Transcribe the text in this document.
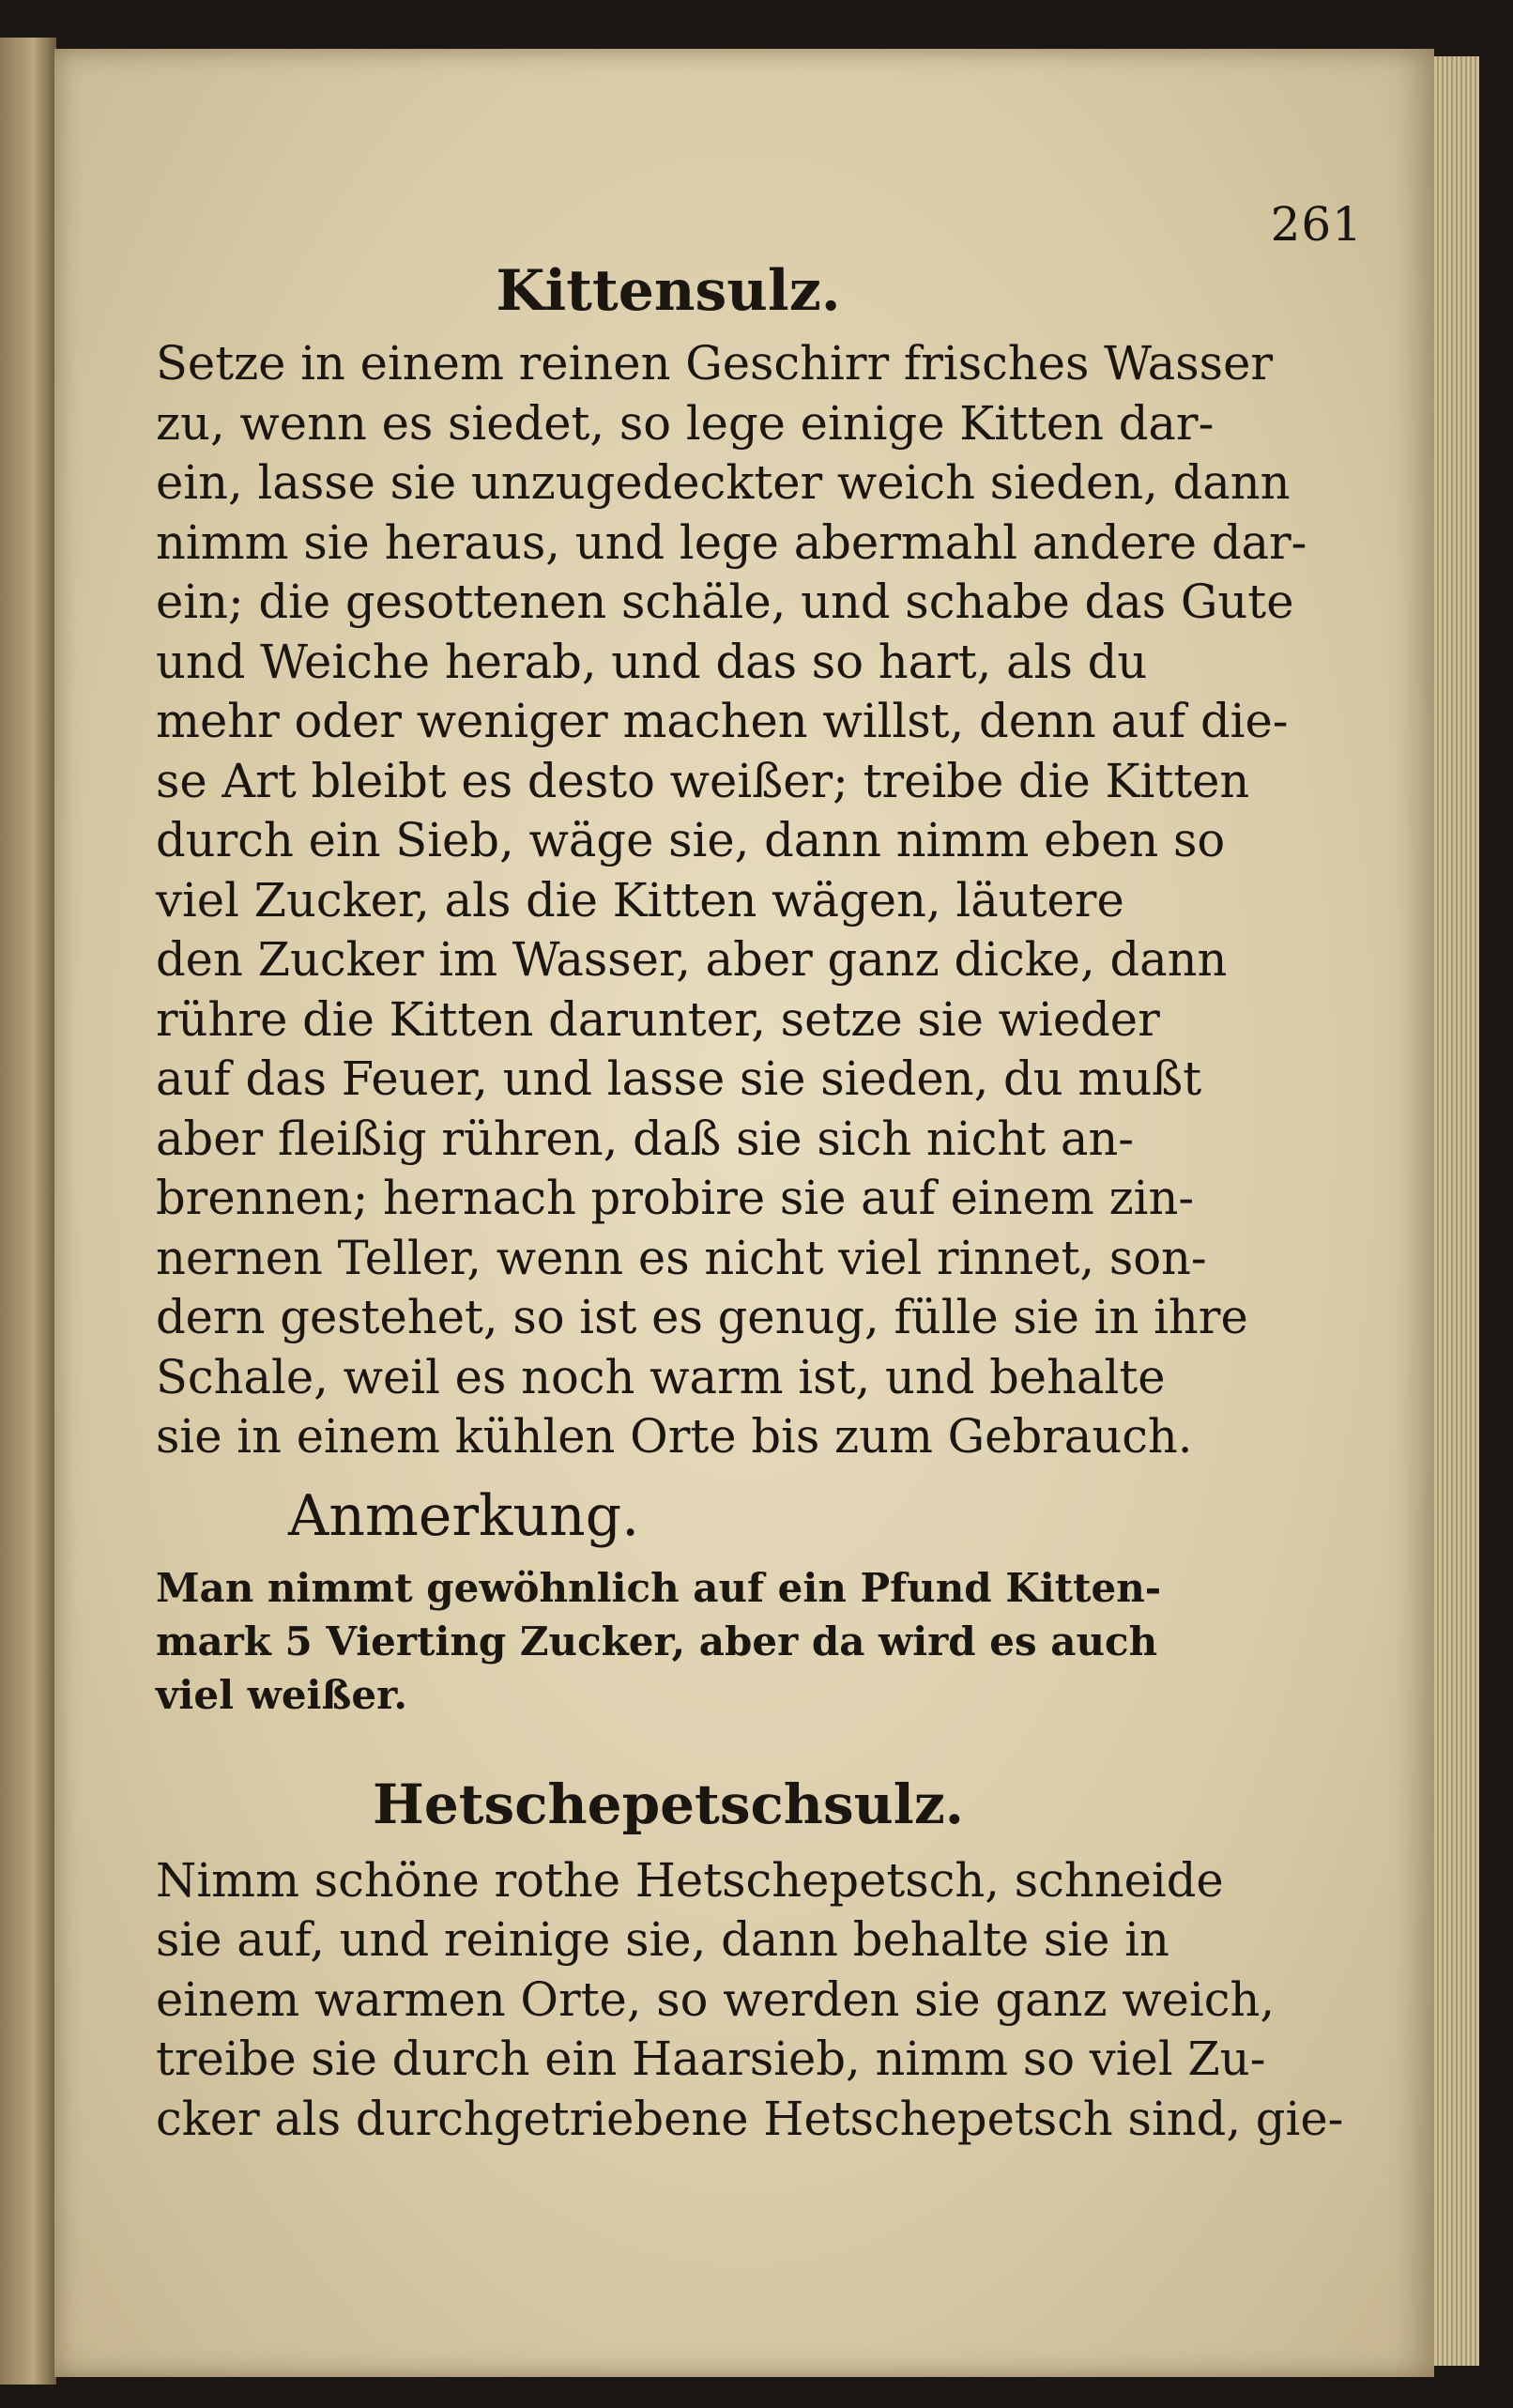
261
Kittensulz.
Setze in einem reinen Geschirr frisches Wasser
zu, wenn es siedet, so lege einige Kitten dar-
ein, lasse sie unzugedeckter weich sieden, dann
nimm sie heraus, und lege abermahl andere dar-
ein; die gesottenen schäle, und schabe das Gute
und Weiche herab, und das so hart, als du
mehr oder weniger machen willst, denn auf die-
se Art bleibt es desto weißer; treibe die Kitten
durch ein Sieb, wäge sie, dann nimm eben so
viel Zucker, als die Kitten wägen, läutere
den Zucker im Wasser, aber ganz dicke, dann
rühre die Kitten darunter, setze sie wieder
auf das Feuer, und lasse sie sieden, du mußt
aber fleißig rühren, daß sie sich nicht an-
brennen; hernach probire sie auf einem zin-
nernen Teller, wenn es nicht viel rinnet, son-
dern gestehet, so ist es genug, fülle sie in ihre
Schale, weil es noch warm ist, und behalte
sie in einem kühlen Orte bis zum Gebrauch.
Anmerkung.
Man nimmt gewöhnlich auf ein Pfund Kitten-
mark 5 Vierting Zucker, aber da wird es auch
viel weißer.
Hetschepetschsulz.
Nimm schöne rothe Hetschepetsch, schneide
sie auf, und reinige sie, dann behalte sie in
einem warmen Orte, so werden sie ganz weich,
treibe sie durch ein Haarsieb, nimm so viel Zu-
cker als durchgetriebene Hetschepetsch sind, gie-
